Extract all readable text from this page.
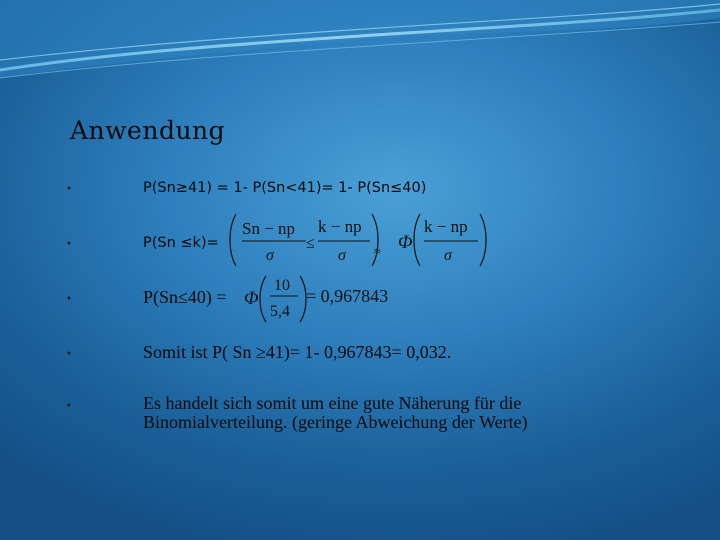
Anwendung
•	P(Sn≥41) = 1- P(Sn<41)= 1- P(Sn≤40)
•	P(Sn ≤k)=
Sn − np
σ
≤
k − np
σ ≈ Φ
k − np
σ
•	P(Sn≤40) = Φ
10
5,4
= 0,967843
•	Somit ist P( Sn ≥41)= 1- 0,967843= 0,032.
•	Es handelt sich somit um eine gute Näherung für die Binomialverteilung. (geringe Abweichung der Werte)
